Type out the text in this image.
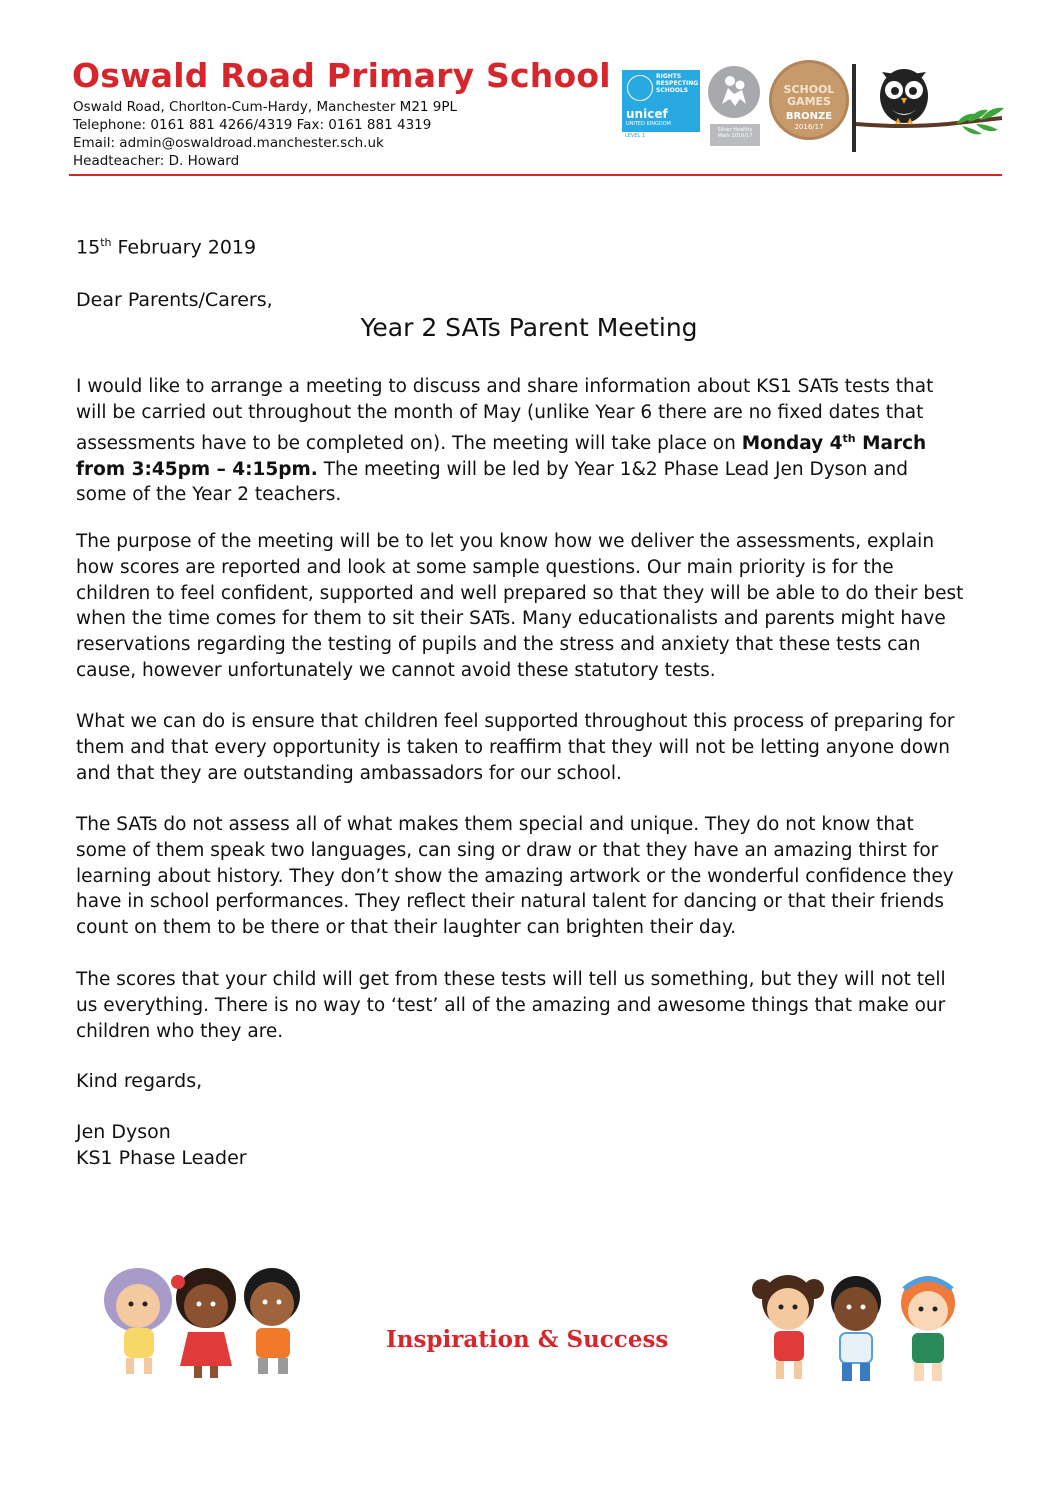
Oswald Road Primary School
Oswald Road, Chorlton-Cum-Hardy, Manchester M21 9PL
Telephone: 0161 881 4266/4319 Fax: 0161 881 4319
Email: admin@oswaldroad.manchester.sch.uk
Headteacher: D. Howard
RIGHTS
RESPECTING
SCHOOLS
unicef
UNITED KINGDOM
LEVEL 1
Silver Healthy
Mark 2016/17
SCHOOL
GAMES
BRONZE
2016/17
15th February 2019
Dear Parents/Carers,
Year 2 SATs Parent Meeting

I would like to arrange a meeting to discuss and share information about KS1 SATs tests that
will be carried out throughout the month of May (unlike Year 6 there are no fixed dates that
assessments have to be completed on). The meeting will take place on Monday 4th March
from 3:45pm – 4:15pm. The meeting will be led by Year 1&2 Phase Lead Jen Dyson and
some of the Year 2 teachers.

The purpose of the meeting will be to let you know how we deliver the assessments, explain
how scores are reported and look at some sample questions. Our main priority is for the
children to feel confident, supported and well prepared so that they will be able to do their best
when the time comes for them to sit their SATs. Many educationalists and parents might have
reservations regarding the testing of pupils and the stress and anxiety that these tests can
cause, however unfortunately we cannot avoid these statutory tests.

What we can do is ensure that children feel supported throughout this process of preparing for
them and that every opportunity is taken to reaffirm that they will not be letting anyone down
and that they are outstanding ambassadors for our school.

The SATs do not assess all of what makes them special and unique. They do not know that
some of them speak two languages, can sing or draw or that they have an amazing thirst for
learning about history. They don’t show the amazing artwork or the wonderful confidence they
have in school performances. They reflect their natural talent for dancing or that their friends
count on them to be there or that their laughter can brighten their day.

The scores that your child will get from these tests will tell us something, but they will not tell
us everything. There is no way to ‘test’ all of the amazing and awesome things that make our
children who they are.

Kind regards,
Jen Dyson
KS1 Phase Leader
Inspiration & Success
